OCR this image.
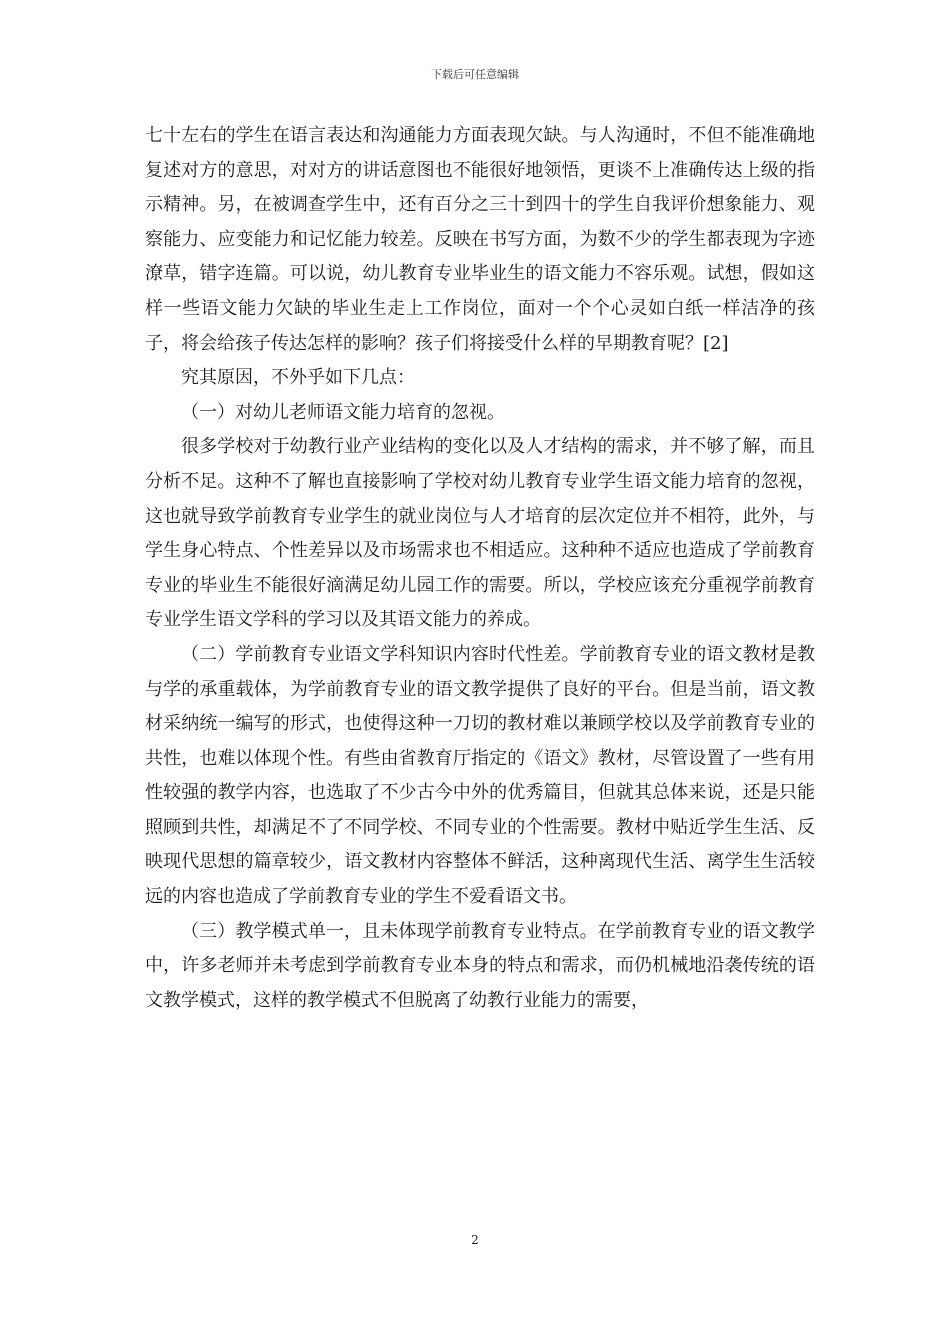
下载后可任意编辑

七十左右的学生在语言表达和沟通能力方面表现欠缺。与人沟通时，不但不能准确地复述对方的意思，对对方的讲话意图也不能很好地领悟，更谈不上准确传达上级的指示精神。另，在被调查学生中，还有百分之三十到四十的学生自我评价想象能力、观察能力、应变能力和记忆能力较差。反映在书写方面，为数不少的学生都表现为字迹潦草，错字连篇。可以说，幼儿教育专业毕业生的语文能力不容乐观。试想，假如这样一些语文能力欠缺的毕业生走上工作岗位，面对一个个心灵如白纸一样洁净的孩子，将会给孩子传达怎样的影响？孩子们将接受什么样的早期教育呢？[2]

究其原因，不外乎如下几点：

（一）对幼儿老师语文能力培育的忽视。

很多学校对于幼教行业产业结构的变化以及人才结构的需求，并不够了解，而且分析不足。这种不了解也直接影响了学校对幼儿教育专业学生语文能力培育的忽视，这也就导致学前教育专业学生的就业岗位与人才培育的层次定位并不相符，此外，与学生身心特点、个性差异以及市场需求也不相适应。这种种不适应也造成了学前教育专业的毕业生不能很好滴满足幼儿园工作的需要。所以，学校应该充分重视学前教育专业学生语文学科的学习以及其语文能力的养成。

（二）学前教育专业语文学科知识内容时代性差。学前教育专业的语文教材是教与学的承重载体，为学前教育专业的语文教学提供了良好的平台。但是当前，语文教材采纳统一编写的形式，也使得这种一刀切的教材难以兼顾学校以及学前教育专业的共性，也难以体现个性。有些由省教育厅指定的《语文》教材，尽管设置了一些有用性较强的教学内容，也选取了不少古今中外的优秀篇目，但就其总体来说，还是只能照顾到共性，却满足不了不同学校、不同专业的个性需要。教材中贴近学生生活、反映现代思想的篇章较少，语文教材内容整体不鲜活，这种离现代生活、离学生生活较远的内容也造成了学前教育专业的学生不爱看语文书。

（三）教学模式单一，且未体现学前教育专业特点。在学前教育专业的语文教学中，许多老师并未考虑到学前教育专业本身的特点和需求，而仍机械地沿袭传统的语文教学模式，这样的教学模式不但脱离了幼教行业能力的需要，

2
